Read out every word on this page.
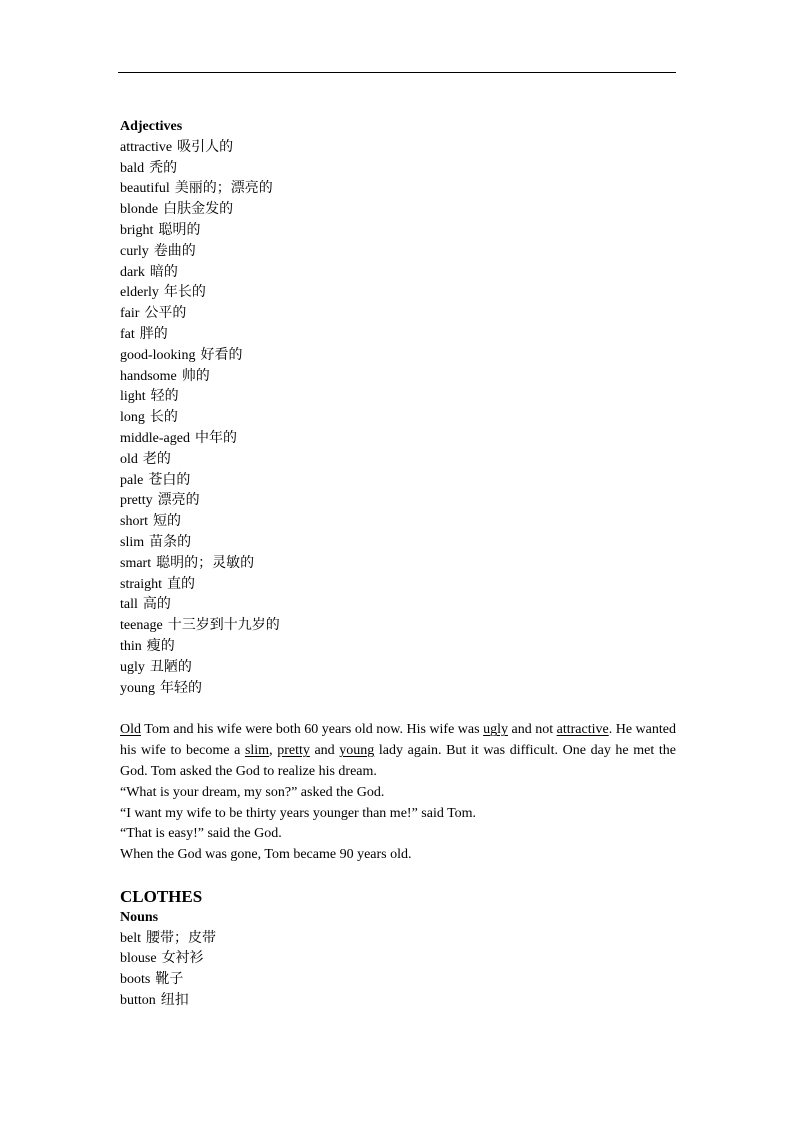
Adjectives
attractive 吸引人的
bald 秃的
beautiful 美丽的；漂亮的
blonde 白肤金发的
bright 聪明的
curly 卷曲的
dark 暗的
elderly 年长的
fair 公平的
fat 胖的
good-looking 好看的
handsome 帅的
light 轻的
long 长的
middle-aged 中年的
old 老的
pale 苍白的
pretty 漂亮的
short 短的
slim 苗条的
smart 聪明的；灵敏的
straight 直的
tall 高的
teenage 十三岁到十九岁的
thin 瘦的
ugly 丑陋的
young 年轻的

Old Tom and his wife were both 60 years old now. His wife was ugly and not attractive. He wanted his wife to become a slim, pretty and young lady again. But it was difficult. One day he met the God. Tom asked the God to realize his dream.

“What is your dream, my son?” asked the God.

“I want my wife to be thirty years younger than me!” said Tom.

“That is easy!” said the God.

When the God was gone, Tom became 90 years old.

CLOTHES
Nouns
belt 腰带；皮带
blouse 女衬衫
boots 靴子
button 纽扣
